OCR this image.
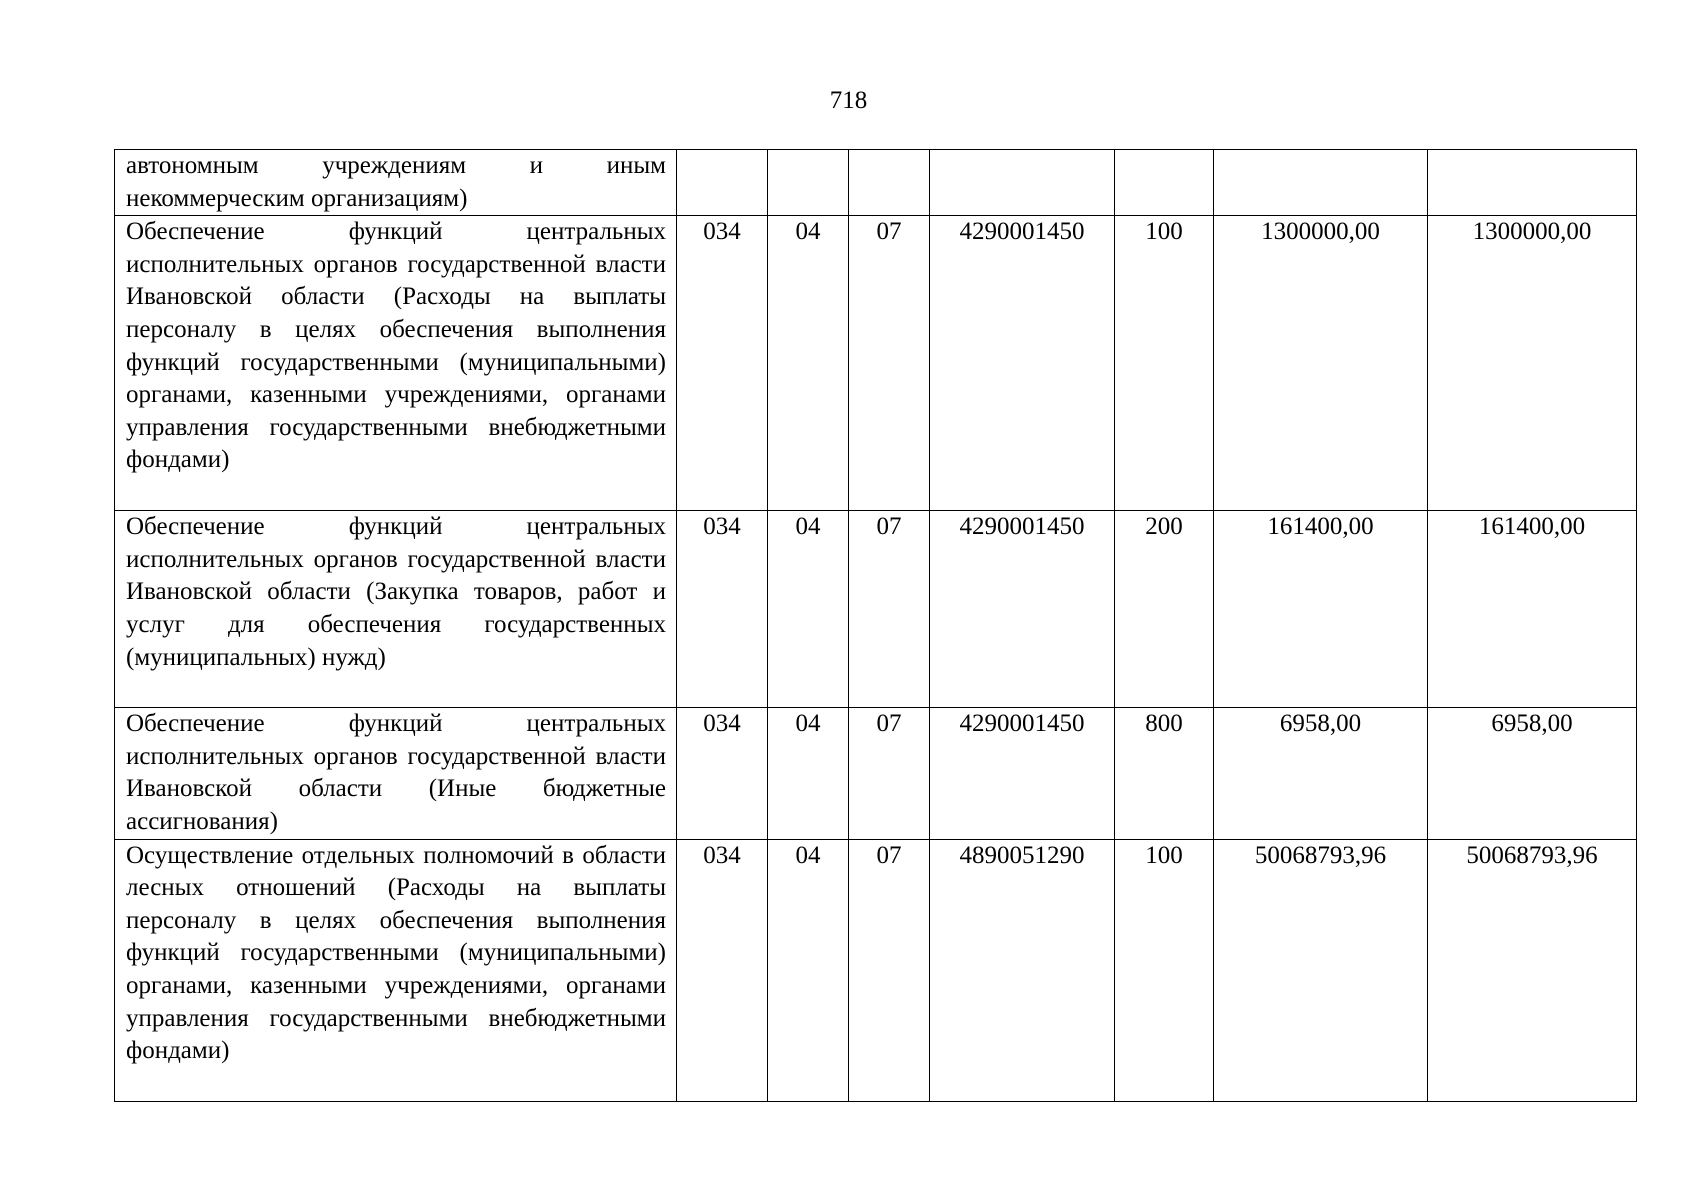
718
автономным учреждениям и иным некоммерческим организациям)							

Обеспечение функций центральных исполнительных органов государственной власти Ивановской области (Расходы на выплаты персоналу в целях обеспечения выполнения функций государственными (муниципальными) органами, казенными учреждениями, органами управления государственными внебюджетными фондами)	034	04	07	4290001450	100	1300000,00	1300000,00

Обеспечение функций центральных исполнительных органов государственной власти Ивановской области (Закупка товаров, работ и услуг для обеспечения государственных (муниципальных) нужд)	034	04	07	4290001450	200	161400,00	161400,00

Обеспечение функций центральных исполнительных органов государственной власти Ивановской области (Иные бюджетные ассигнования)	034	04	07	4290001450	800	6958,00	6958,00

Осуществление отдельных полномочий в области лесных отношений (Расходы на выплаты персоналу в целях обеспечения выполнения функций государственными (муниципальными) органами, казенными учреждениями, органами управления государственными внебюджетными фондами)	034	04	07	4890051290	100	50068793,96	50068793,96
